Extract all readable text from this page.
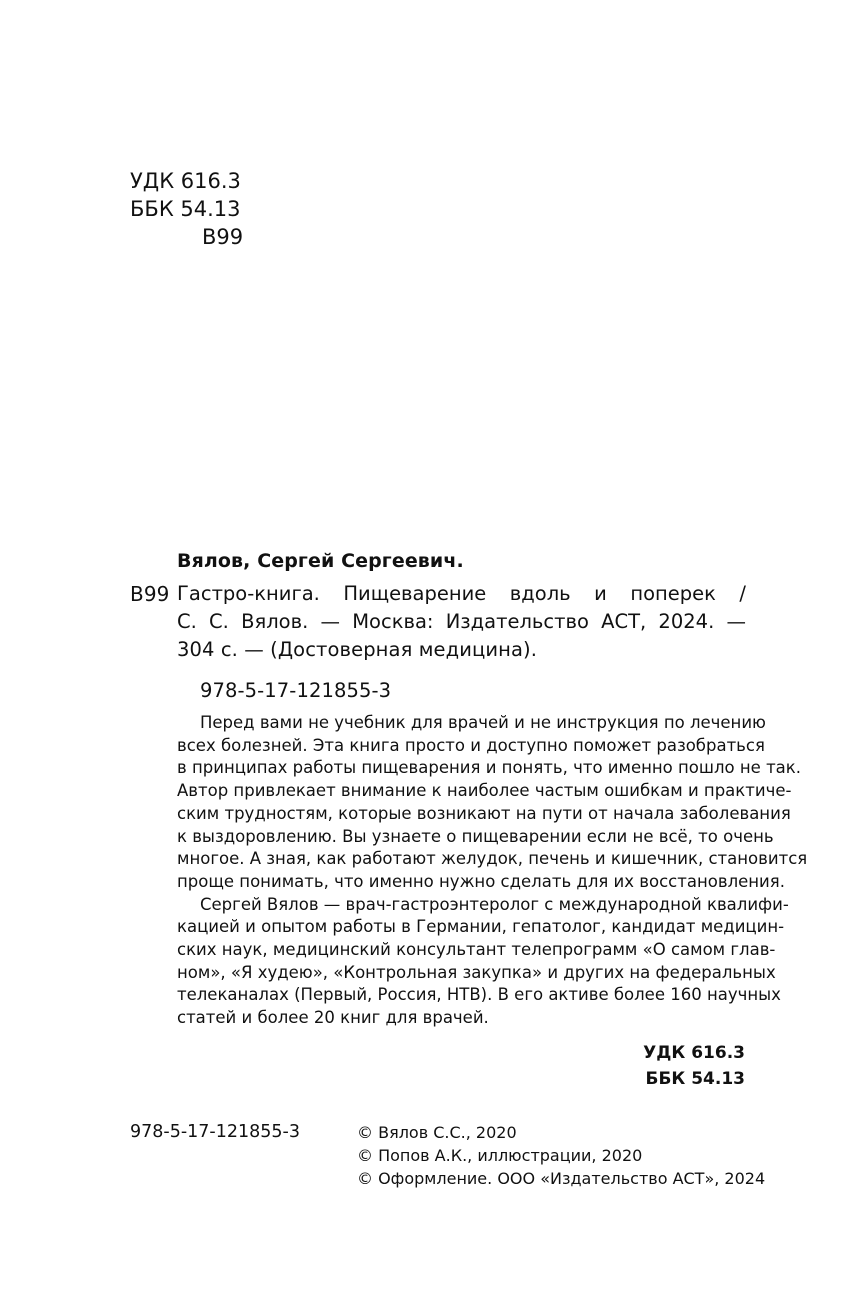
УДК 616.3
ББК 54.13
В99
Вялов, Сергей Сергеевич.
В99 Гастро-книга. Пищеварение вдоль и поперек /
С. С. Вялов. — Москва: Издательство АСТ, 2024. —
304 с. — (Достоверная медицина).
978-5-17-121855-3

Перед вами не учебник для врачей и не инструкция по лечению
всех болезней. Эта книга просто и доступно поможет разобраться
в принципах работы пищеварения и понять, что именно пошло не так.
Автор привлекает внимание к наиболее частым ошибкам и практиче-
ским трудностям, которые возникают на пути от начала заболевания
к выздоровлению. Вы узнаете о пищеварении если не всё, то очень
многое. А зная, как работают желудок, печень и кишечник, становится
проще понимать, что именно нужно сделать для их восстановления.

Сергей Вялов — врач-гастроэнтеролог с международной квалифи-
кацией и опытом работы в Германии, гепатолог, кандидат медицин-
ских наук, медицинский консультант телепрограмм «О самом глав-
ном», «Я худею», «Контрольная закупка» и других на федеральных
телеканалах (Первый, Россия, НТВ). В его активе более 160 научных
статей и более 20 книг для врачей.

УДК 616.3
ББК 54.13
978-5-17-121855-3	© Вялов С.С., 2020
© Попов А.К., иллюстрации, 2020
© Оформление. ООО «Издательство АСТ», 2024
